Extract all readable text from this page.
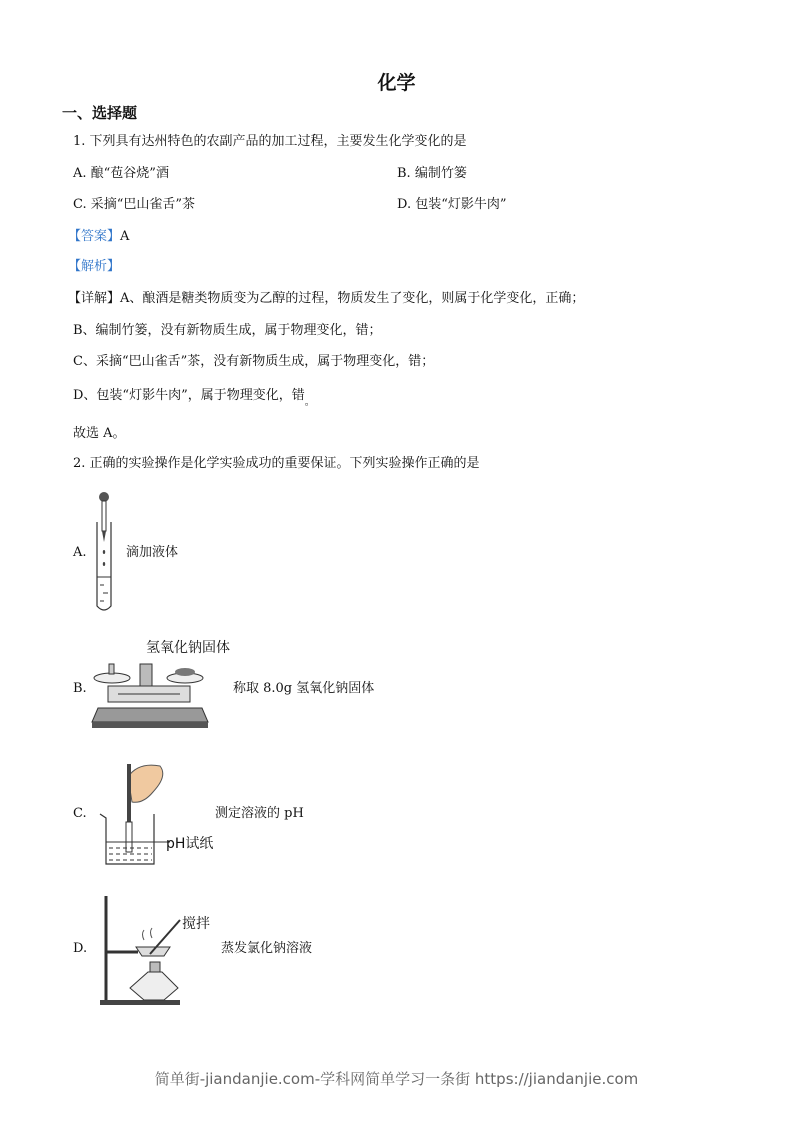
化学
一、选择题
1. 下列具有达州特色的农副产品的加工过程，主要发生化学变化的是
A. 酿“苞谷烧”酒	B. 编制竹篓
C. 采摘“巴山雀舌”茶	D. 包装“灯影牛肉”
【答案】A
【解析】
【详解】A、酿酒是糖类物质变为乙醇的过程，物质发生了变化，则属于化学变化，正确；
B、编制竹篓，没有新物质生成，属于物理变化，错；
C、采摘“巴山雀舌”茶，没有新物质生成，属于物理变化，错；
D、包装“灯影牛肉”，属于物理变化，错$_。$
故选 A。
2. 正确的实验操作是化学实验成功的重要保证。下列实验操作正确的是
A.	滴加液体
B.
氢氧化钠固体
称取 8.0g 氢氧化钠固体
C.
pH试纸
测定溶液的 pH
D.
搅拌
蒸发氯化钠溶液
简单街-jiandanjie.com-学科网简单学习一条街 https://jiandanjie.com
